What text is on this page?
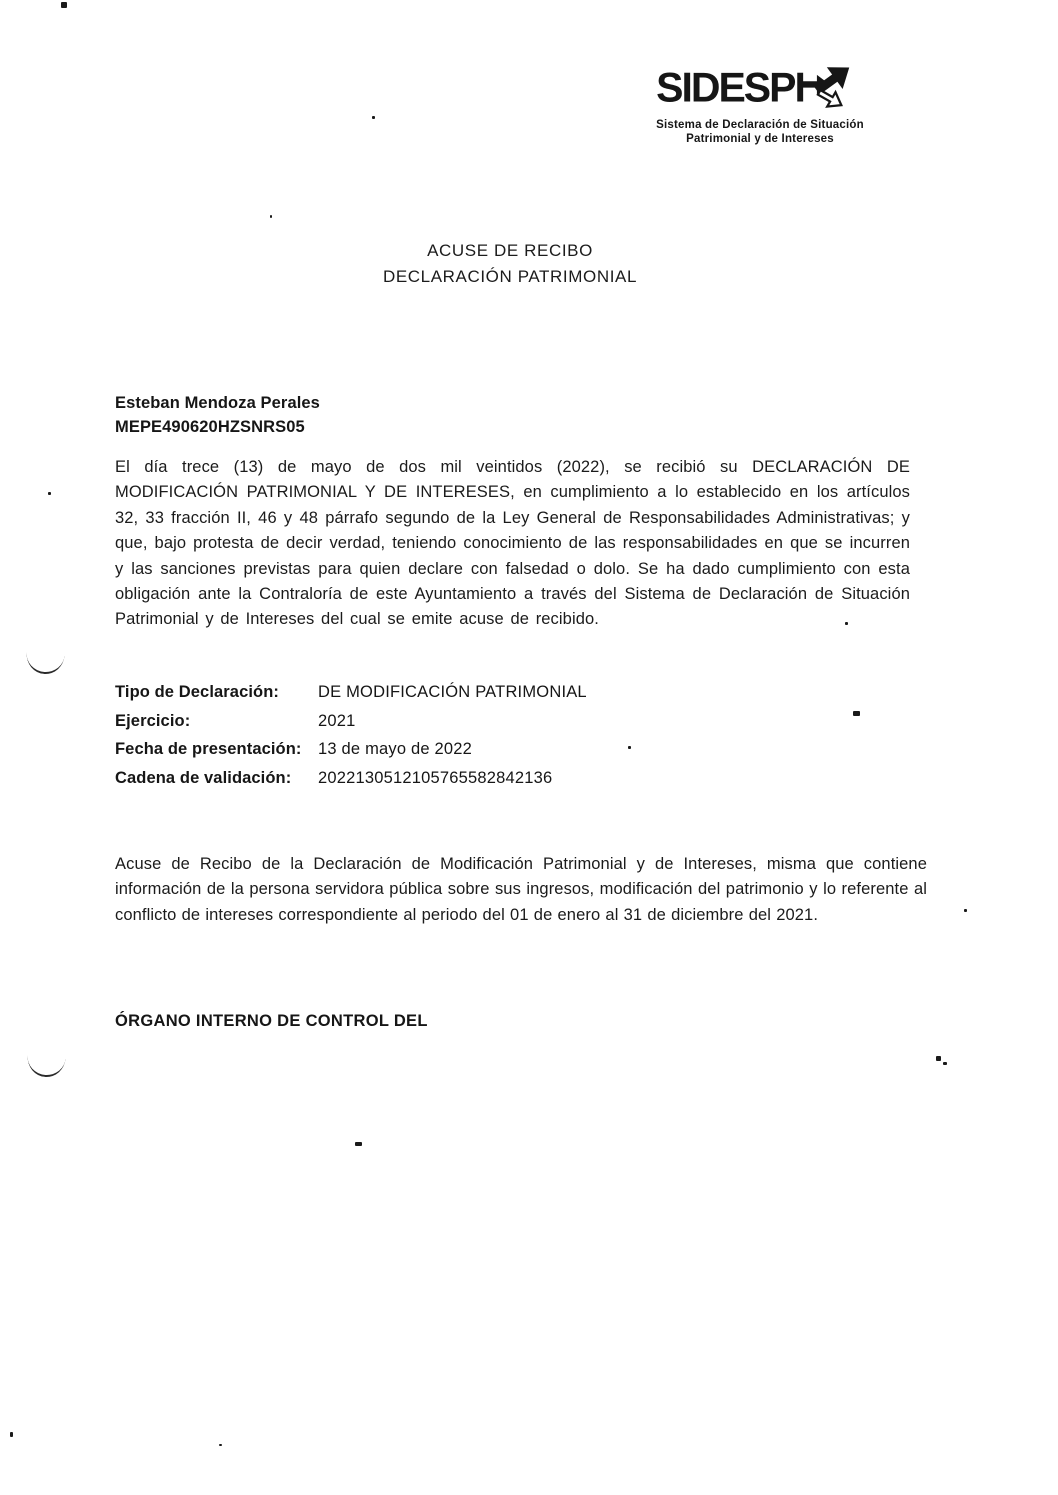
SIDESPI
Sistema de Declaración de Situación
Patrimonial y de Intereses
ACUSE DE RECIBO
DECLARACIÓN PATRIMONIAL
Esteban Mendoza Perales
MEPE490620HZSNRS05
El día trece (13) de mayo de dos mil veintidos (2022), se recibió su DECLARACIÓN DE MODIFICACIÓN PATRIMONIAL Y DE INTERESES, en cumplimiento a lo establecido en los artículos 32, 33 fracción II, 46 y 48 párrafo segundo de la Ley General de Responsabilidades Administrativas; y que, bajo protesta de decir verdad, teniendo conocimiento de las responsabilidades en que se incurren y las sanciones previstas para quien declare con falsedad o dolo. Se ha dado cumplimiento con esta obligación ante la Contraloría de este Ayuntamiento a través del Sistema de Declaración de Situación Patrimonial y de Intereses del cual se emite acuse de recibido.
Tipo de Declaración:	DE MODIFICACIÓN PATRIMONIAL
Ejercicio:	2021
Fecha de presentación: 13 de mayo de 2022
Cadena de validación:	2022130512105765582842136
Acuse de Recibo de la Declaración de Modificación Patrimonial y de Intereses, misma que contiene información de la persona servidora pública sobre sus ingresos, modificación del patrimonio y lo referente al conflicto de intereses correspondiente al periodo del 01 de enero al 31 de diciembre del 2021.
ÓRGANO INTERNO DE CONTROL DEL
